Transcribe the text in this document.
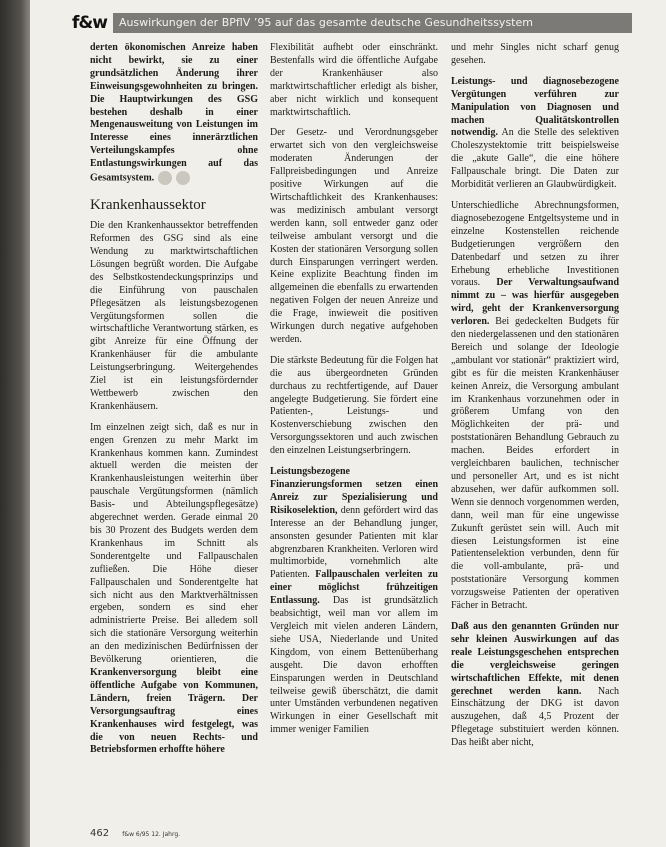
f&w	Auswirkungen der BPflV ’95 auf das gesamte deutsche Gesundheitssystem

derten ökonomischen Anreize haben nicht bewirkt, sie zu einer grundsätzlichen Änderung ihrer Einweisungsgewohnheiten zu bringen. Die Hauptwirkungen des GSG bestehen deshalb in einer Mengenausweitung von Leistungen im Interesse eines innerärztlichen Verteilungskampfes ohne Entlastungswirkungen auf das Gesamtsystem.

Krankenhaussektor

Die den Krankenhaussektor betreffenden Reformen des GSG sind als eine Wendung zu marktwirtschaftlichen Lösungen begrüßt worden. Die Aufgabe des Selbstkostendeckungsprinzips und die Einführung von pauschalen Pflegesätzen als leistungsbezogenen Vergütungsformen sollen die wirtschaftliche Verantwortung stärken, es gibt Anreize für eine Öffnung der Krankenhäuser für die ambulante Leistungserbringung. Weitergehendes Ziel ist ein leistungsfördernder Wettbewerb zwischen den Krankenhäusern.

Im einzelnen zeigt sich, daß es nur in engen Grenzen zu mehr Markt im Krankenhaus kommen kann. Zumindest aktuell werden die meisten der Krankenhausleistungen weiterhin über pauschale Vergütungsformen (nämlich Basis- und Abteilungspflegesätze) abgerechnet werden. Gerade einmal 20 bis 30 Prozent des Budgets werden dem Krankenhaus im Schnitt als Sonderentgelte und Fallpauschalen zufließen. Die Höhe dieser Fallpauschalen und Sonderentgelte hat sich nicht aus den Marktverhältnissen ergeben, sondern es sind eher administrierte Preise. Bei alledem soll sich die stationäre Versorgung weiterhin an den medizinischen Bedürfnissen der Bevölkerung orientieren, die Krankenversorgung bleibt eine öffentliche Aufgabe von Kommunen, Ländern, freien Trägern. Der Versorgungsauftrag eines Krankenhauses wird festgelegt, was die von neuen Rechts- und Betriebsformen erhoffte höhere

Flexibilität aufhebt oder einschränkt. Bestenfalls wird die öffentliche Aufgabe der Krankenhäuser also marktwirtschaftlicher erledigt als bisher, aber nicht wirklich und konsequent marktwirtschaftlich.

Der Gesetz- und Verordnungsgeber erwartet sich von den vergleichsweise moderaten Änderungen der Fallpreisbedingungen und Anreize positive Wirkungen auf die Wirtschaftlichkeit des Krankenhauses: was medizinisch ambulant versorgt werden kann, soll entweder ganz oder teilweise ambulant versorgt und die Kosten der stationären Versorgung sollen durch Einsparungen verringert werden. Keine explizite Beachtung finden im allgemeinen die ebenfalls zu erwartenden negativen Folgen der neuen Anreize und die Frage, inwieweit die positiven Wirkungen durch negative aufgehoben werden.

Die stärkste Bedeutung für die Folgen hat die aus übergeordneten Gründen durchaus zu rechtfertigende, auf Dauer angelegte Budgetierung. Sie fördert eine Patienten-, Leistungs- und Kostenverschiebung zwischen den Versorgungssektoren und auch zwischen den einzelnen Leistungserbringern.

Leistungsbezogene Finanzierungsformen setzen einen Anreiz zur Spezialisierung und Risikoselektion, denn gefördert wird das Interesse an der Behandlung junger, ansonsten gesunder Patienten mit klar abgrenzbaren Krankheiten. Verloren wird multimorbide, vornehmlich alte Patienten. Fallpauschalen verleiten zu einer möglichst frühzeitigen Entlassung. Das ist grundsätzlich beabsichtigt, weil man vor allem im Vergleich mit vielen anderen Ländern, siehe USA, Niederlande und United Kingdom, von einem Bettenüberhang ausgeht. Die davon erhofften Einsparungen werden in Deutschland teilweise gewiß überschätzt, die damit unter Umständen verbundenen negativen Wirkungen in einer Gesellschaft mit immer weniger Familien

und mehr Singles nicht scharf genug gesehen.

Leistungs- und diagnosebezogene Vergütungen verführen zur Manipulation von Diagnosen und machen Qualitätskontrollen notwendig. An die Stelle des selektiven Choleszystektomie tritt beispielsweise die „akute Galle“, die eine höhere Fallpauschale bringt. Die Daten zur Morbidität verlieren an Glaubwürdigkeit.

Unterschiedliche Abrechnungsformen, diagnosebezogene Entgeltsysteme und in einzelne Kostenstellen reichende Budgetierungen vergrößern den Datenbedarf und setzen zu ihrer Erhebung erhebliche Investitionen voraus. Der Verwaltungsaufwand nimmt zu – was hierfür ausgegeben wird, geht der Krankenversorgung verloren. Bei gedeckelten Budgets für den niedergelassenen und den stationären Bereich und solange der Ideologie „ambulant vor stationär“ praktiziert wird, gibt es für die meisten Krankenhäuser keinen Anreiz, die Versorgung ambulant im Krankenhaus vorzunehmen oder in größerem Umfang von den Möglichkeiten der prä- und poststationären Behandlung Gebrauch zu machen. Beides erfordert in vergleichbaren baulichen, technischer und personeller Art, und es ist nicht abzusehen, wer dafür aufkommen soll. Wenn sie dennoch vorgenommen werden, dann, weil man für eine ungewisse Zukunft gerüstet sein will. Auch mit diesen Leistungsformen ist eine Patientenselektion verbunden, denn für die voll-ambulante, prä- und poststationäre Versorgung kommen vorzugsweise Patienten der operativen Fächer in Betracht.

Daß aus den genannten Gründen nur sehr kleinen Auswirkungen auf das reale Leistungsgeschehen entsprechen die vergleichsweise geringen wirtschaftlichen Effekte, mit denen gerechnet werden kann. Nach Einschätzung der DKG ist davon auszugehen, daß 4,5 Prozent der Pflegetage substituiert werden können. Das heißt aber nicht,

462 f&w 6/95 12. Jahrg.
